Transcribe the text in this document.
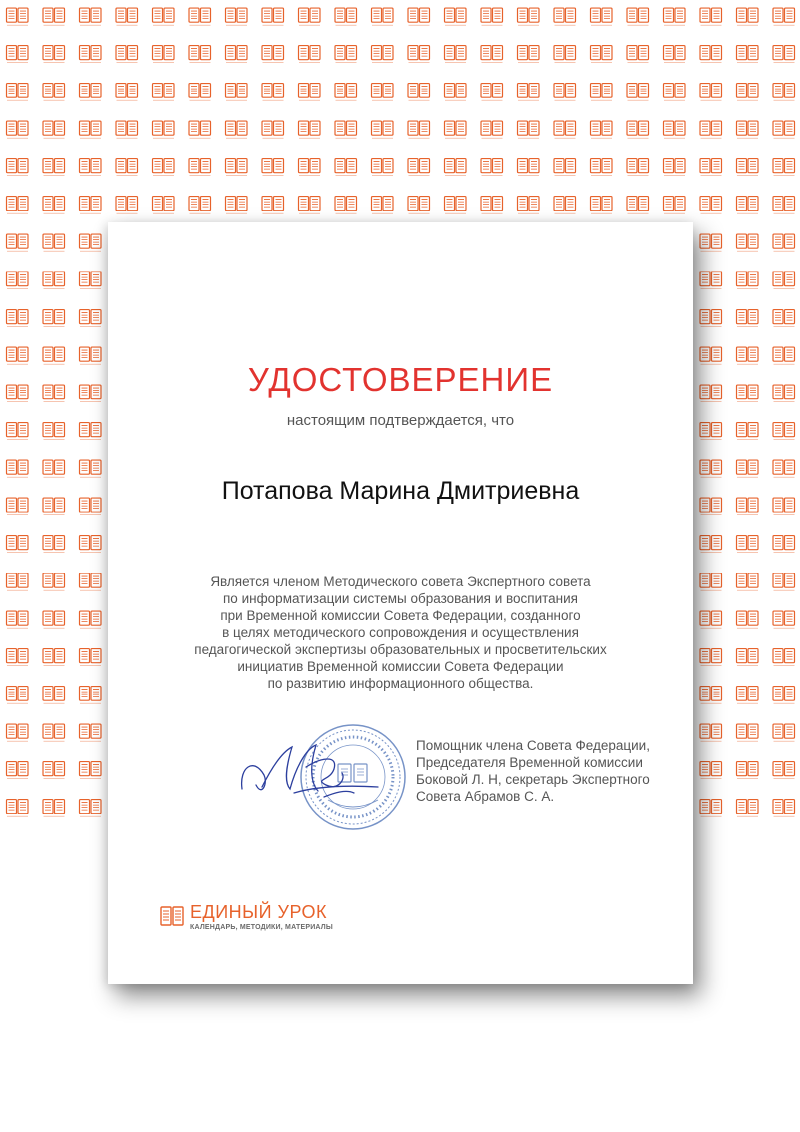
УДОСТОВЕРЕНИЕ
настоящим подтверждается, что
Потапова Марина Дмитриевна
Является членом Методического совета Экспертного совета
по информатизации системы образования и воспитания
при Временной комиссии Совета Федерации, созданного
в целях методического сопровождения и осуществления
педагогической экспертизы образовательных и просветительских
инициатив Временной комиссии Совета Федерации
по развитию информационного общества.
Помощник члена Совета Федерации,
Председателя Временной комиссии
Боковой Л. Н, секретарь Экспертного
Совета Абрамов С. А.
ЕДИНЫЙ УРОК
КАЛЕНДАРЬ, МЕТОДИКИ, МАТЕРИАЛЫ
